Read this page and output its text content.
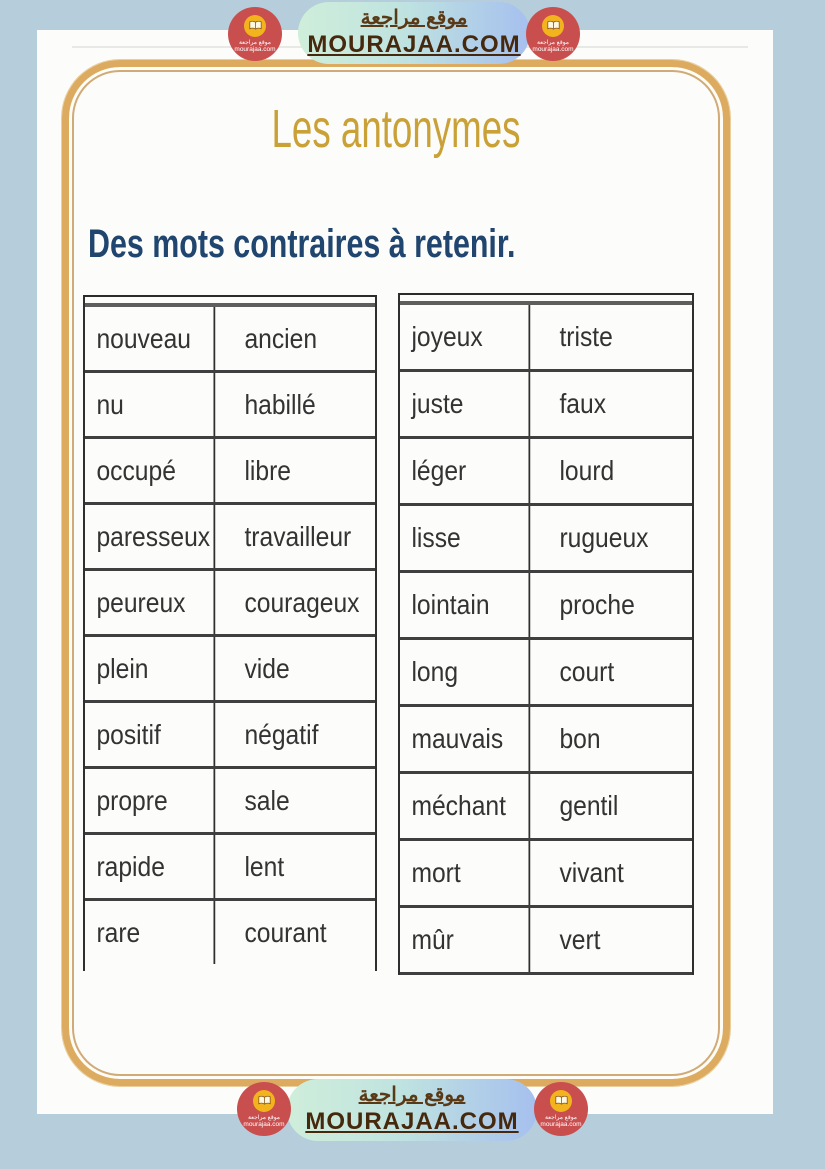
Les antonymes
Des mots contraires à retenir.
nouveau	ancien
nu	habillé
occupé	libre
paresseux	travailleur
peureux	courageux
plein	vide
positif	négatif
propre	sale
rapide	lent
rare	courant
joyeux	triste
juste	faux
léger	lourd
lisse	rugueux
lointain	proche
long	court
mauvais	bon
méchant	gentil
mort	vivant
mûr	vert
موقع مراجعة
MOURAJAA.COM
موقع مراجعة
MOURAJAA.COM
موقع مراجعة
mourajaa.com
موقع مراجعة
mourajaa.com
موقع مراجعة
mourajaa.com
موقع مراجعة
mourajaa.com
